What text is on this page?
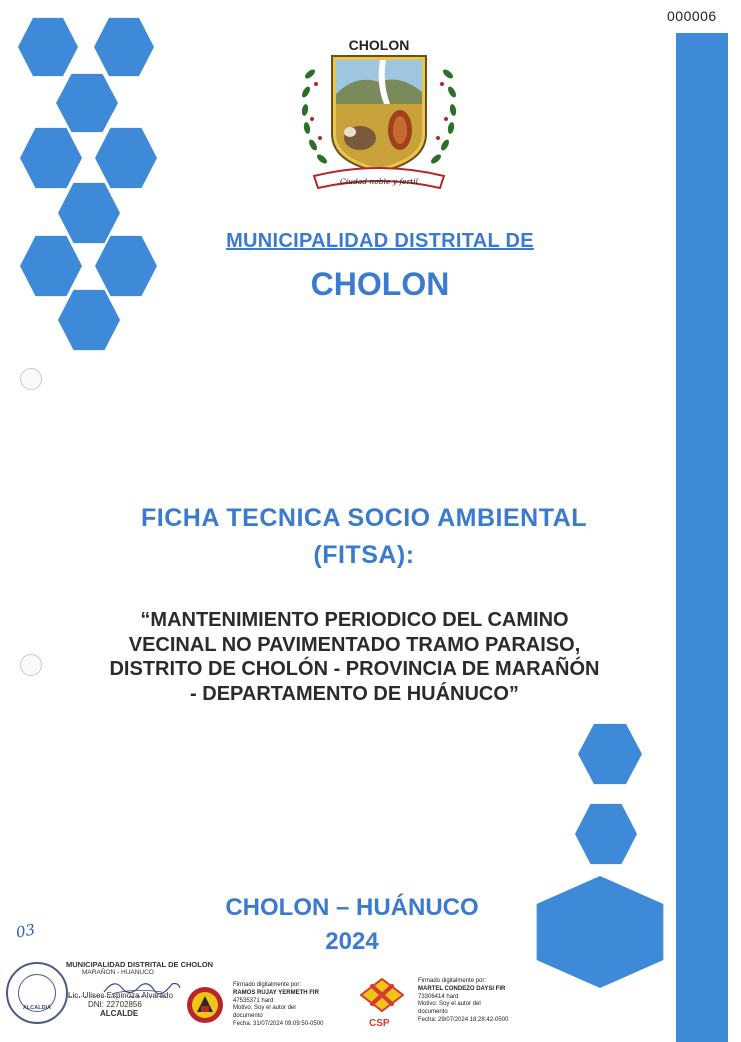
000006
CHOLON
Ciudad noble y fertil
MUNICIPALIDAD DISTRITAL DE
CHOLON
FICHA TECNICA SOCIO AMBIENTAL
(FITSA):
“MANTENIMIENTO PERIODICO DEL CAMINO
VECINAL NO PAVIMENTADO TRAMO PARAISO,
DISTRITO DE CHOLÓN - PROVINCIA DE MARAÑÓN
- DEPARTAMENTO DE HUÁNUCO”
CHOLON – HUÁNUCO
2024
03
ALCALDIA
MUNICIPALIDAD DISTRITAL DE CHOLON
MARAÑON - HUANUCO
Lic. Ulises Espinoza Alvarado
DNI: 22702856
ALCALDE
Firmado digitalmente por:
RAMOS RUJAY YERMETH FIR
47535371 hard
Motivo: Soy el autor del
documento
Fecha: 31/07/2024 09:09:50-0500	CSP
Firmado digitalmente por:
MARTEL CONDEZO DAYSI FIR
73306414 hard
Motivo: Soy el autor del
documento
Fecha: 29/07/2024 18:28:42-0500
